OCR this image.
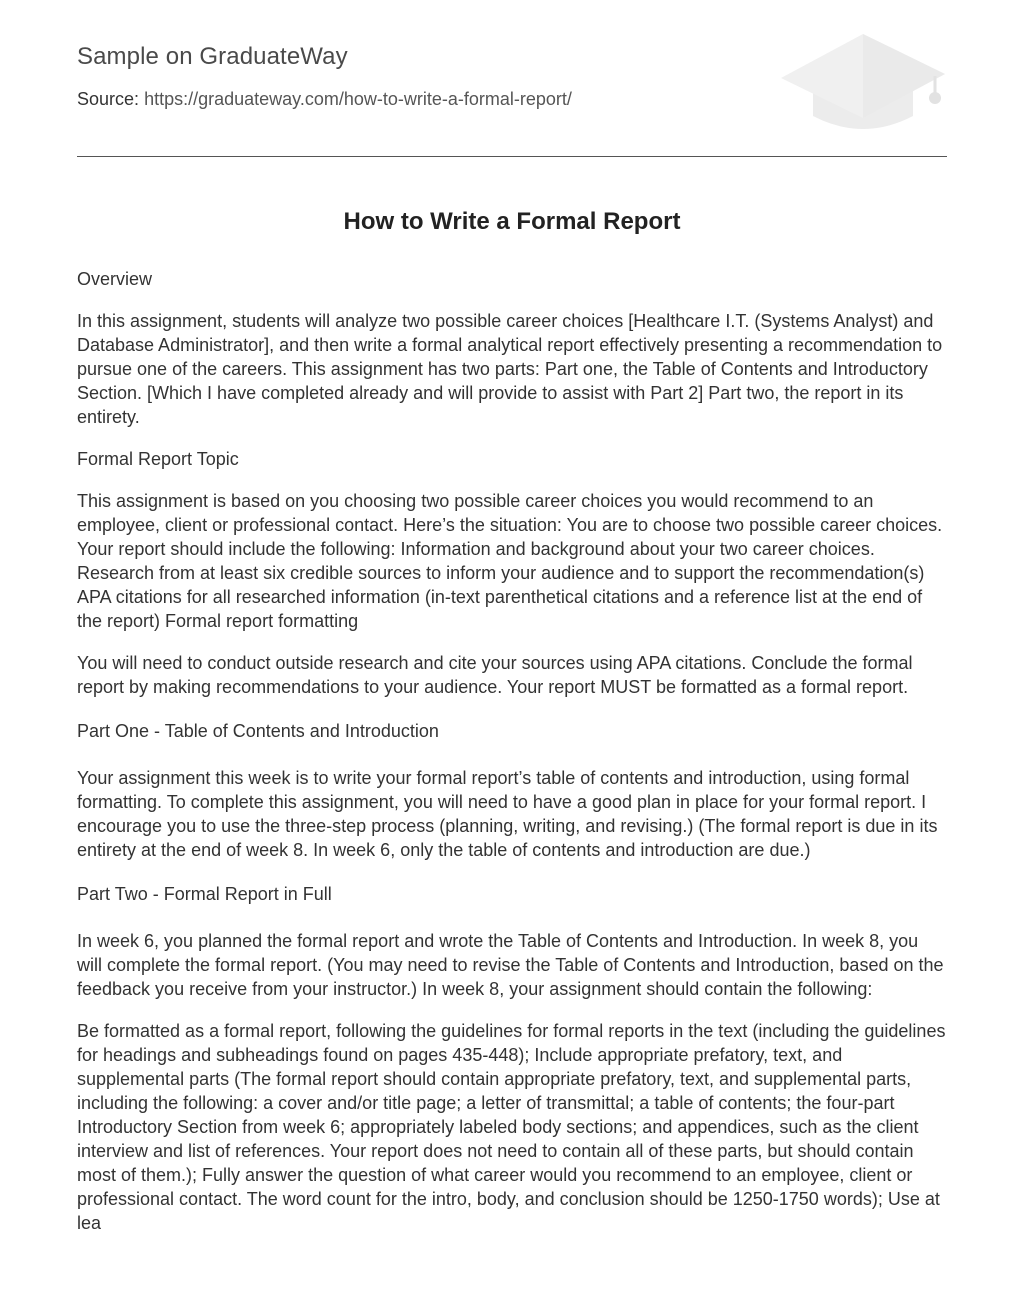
Sample on GraduateWay
Source: https://graduateway.com/how-to-write-a-formal-report/
How to Write a Formal Report

Overview

In this assignment, students will analyze two possible career choices [Healthcare I.T. (Systems Analyst) and Database Administrator], and then write a formal analytical report effectively presenting a recommendation to pursue one of the careers. This assignment has two parts: Part one, the Table of Contents and Introductory Section. [Which I have completed already and will provide to assist with Part 2] Part two, the report in its entirety.

Formal Report Topic

This assignment is based on you choosing two possible career choices you would recommend to an employee, client or professional contact. Here’s the situation: You are to choose two possible career choices. Your report should include the following: Information and background about your two career choices. Research from at least six credible sources to inform your audience and to support the recommendation(s) APA citations for all researched information (in-text parenthetical citations and a reference list at the end of the report) Formal report formatting

You will need to conduct outside research and cite your sources using APA citations. Conclude the formal report by making recommendations to your audience. Your report MUST be formatted as a formal report.

Part One - Table of Contents and Introduction

Your assignment this week is to write your formal report’s table of contents and introduction, using formal formatting. To complete this assignment, you will need to have a good plan in place for your formal report. I encourage you to use the three-step process (planning, writing, and revising.) (The formal report is due in its entirety at the end of week 8. In week 6, only the table of contents and introduction are due.)

Part Two - Formal Report in Full

In week 6, you planned the formal report and wrote the Table of Contents and Introduction. In week 8, you will complete the formal report. (You may need to revise the Table of Contents and Introduction, based on the feedback you receive from your instructor.) In week 8, your assignment should contain the following:

Be formatted as a formal report, following the guidelines for formal reports in the text (including the guidelines for headings and subheadings found on pages 435-448); Include appropriate prefatory, text, and supplemental parts (The formal report should contain appropriate prefatory, text, and supplemental parts, including the following: a cover and/or title page; a letter of transmittal; a table of contents; the four-part Introductory Section from week 6; appropriately labeled body sections; and appendices, such as the client interview and list of references. Your report does not need to contain all of these parts, but should contain most of them.); Fully answer the question of what career would you recommend to an employee, client or professional contact. The word count for the intro, body, and conclusion should be 1250-1750 words); Use at lea
